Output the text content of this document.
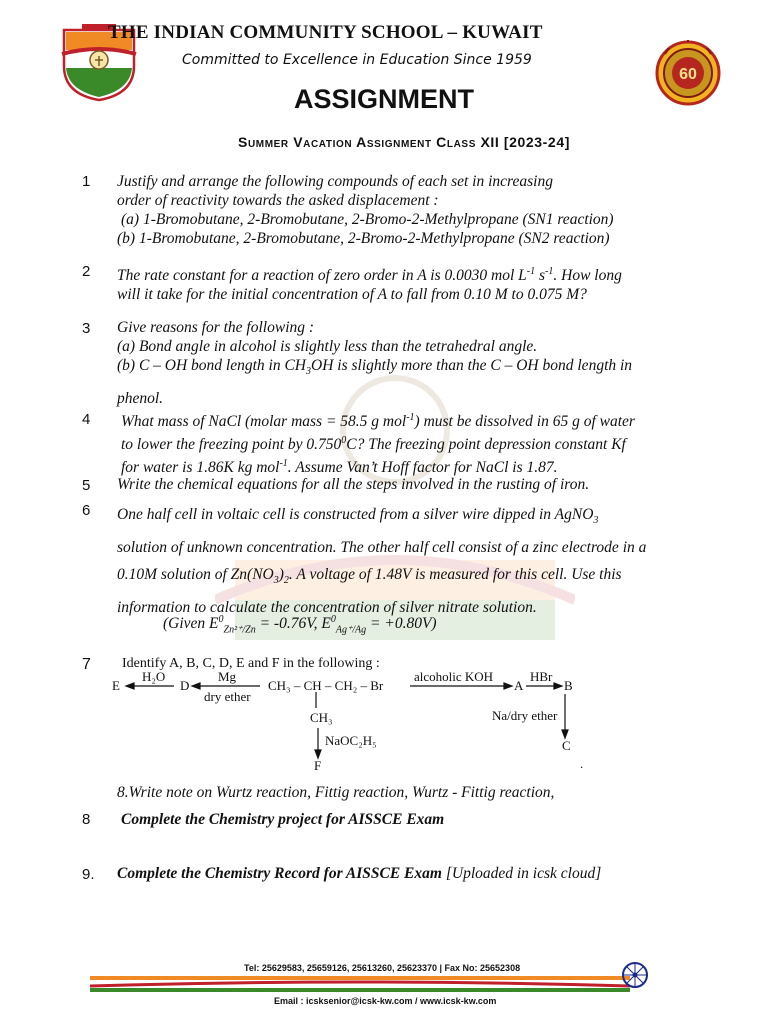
60
THE INDIAN COMMUNITY SCHOOL – KUWAIT
Committed to Excellence in Education Since 1959
ASSIGNMENT
Summer Vacation Assignment Class XII [2023-24]
1 Justify and arrange the following compounds of each set in increasing
order of reactivity towards the asked displacement :
(a) 1-Bromobutane, 2-Bromobutane, 2-Bromo-2-Methylpropane (SN1 reaction)
(b) 1-Bromobutane, 2-Bromobutane, 2-Bromo-2-Methylpropane (SN2 reaction)
2 The rate constant for a reaction of zero order in A is 0.0030 mol $L^{-1}$ $s^{-1}$. How long
will it take for the initial concentration of A to fall from 0.10 M to 0.075 M?
3 Give reasons for the following :
(a) Bond angle in alcohol is slightly less than the tetrahedral angle.
(b) C – OH bond length in $CH_3OH$ is slightly more than the C – OH bond length in
phenol.
4 What mass of NaCl (molar mass = 58.5 g mol$^{-1}$) must be dissolved in 65 g of water
to lower the freezing point by 0.750$^0$C? The freezing point depression constant Kf
for water is 1.86K kg mol$^{-1}$. Assume Van’t Hoff factor for NaCl is 1.87.
5 Write the chemical equations for all the steps involved in the rusting of iron.
6 One half cell in voltaic cell is constructed from a silver wire dipped in AgNO$_3$
solution of unknown concentration. The other half cell consist of a zinc electrode in a
0.10M solution of $Zn(NO_3)_2$. A voltage of 1.48V is measured for this cell. Use this
information to calculate the concentration of silver nitrate solution.
(Given $E^0_{Zn^{2+}/Zn} = -0.76V$, $E^0_{Ag^+/Ag} = +0.80V$)
7 Identify A, B, C, D, E and F in the following :
E
H₂O
D
Mg
dry ether
CH₃ – CH – CH₂ – Br
CH₃
alcoholic KOH
A
HBr
B
Na/dry ether
C
NaOC₂H₅
F	.
8.Write note on Wurtz reaction, Fittig reaction, Wurtz - Fittig reaction,
8 Complete the Chemistry project for AISSCE Exam
9. Complete the Chemistry Record for AISSCE Exam [Uploaded in icsk cloud]
Tel: 25629583, 25659126, 25613260, 25623370 | Fax No: 25652308
Email : icsksenior@icsk-kw.com / www.icsk-kw.com
